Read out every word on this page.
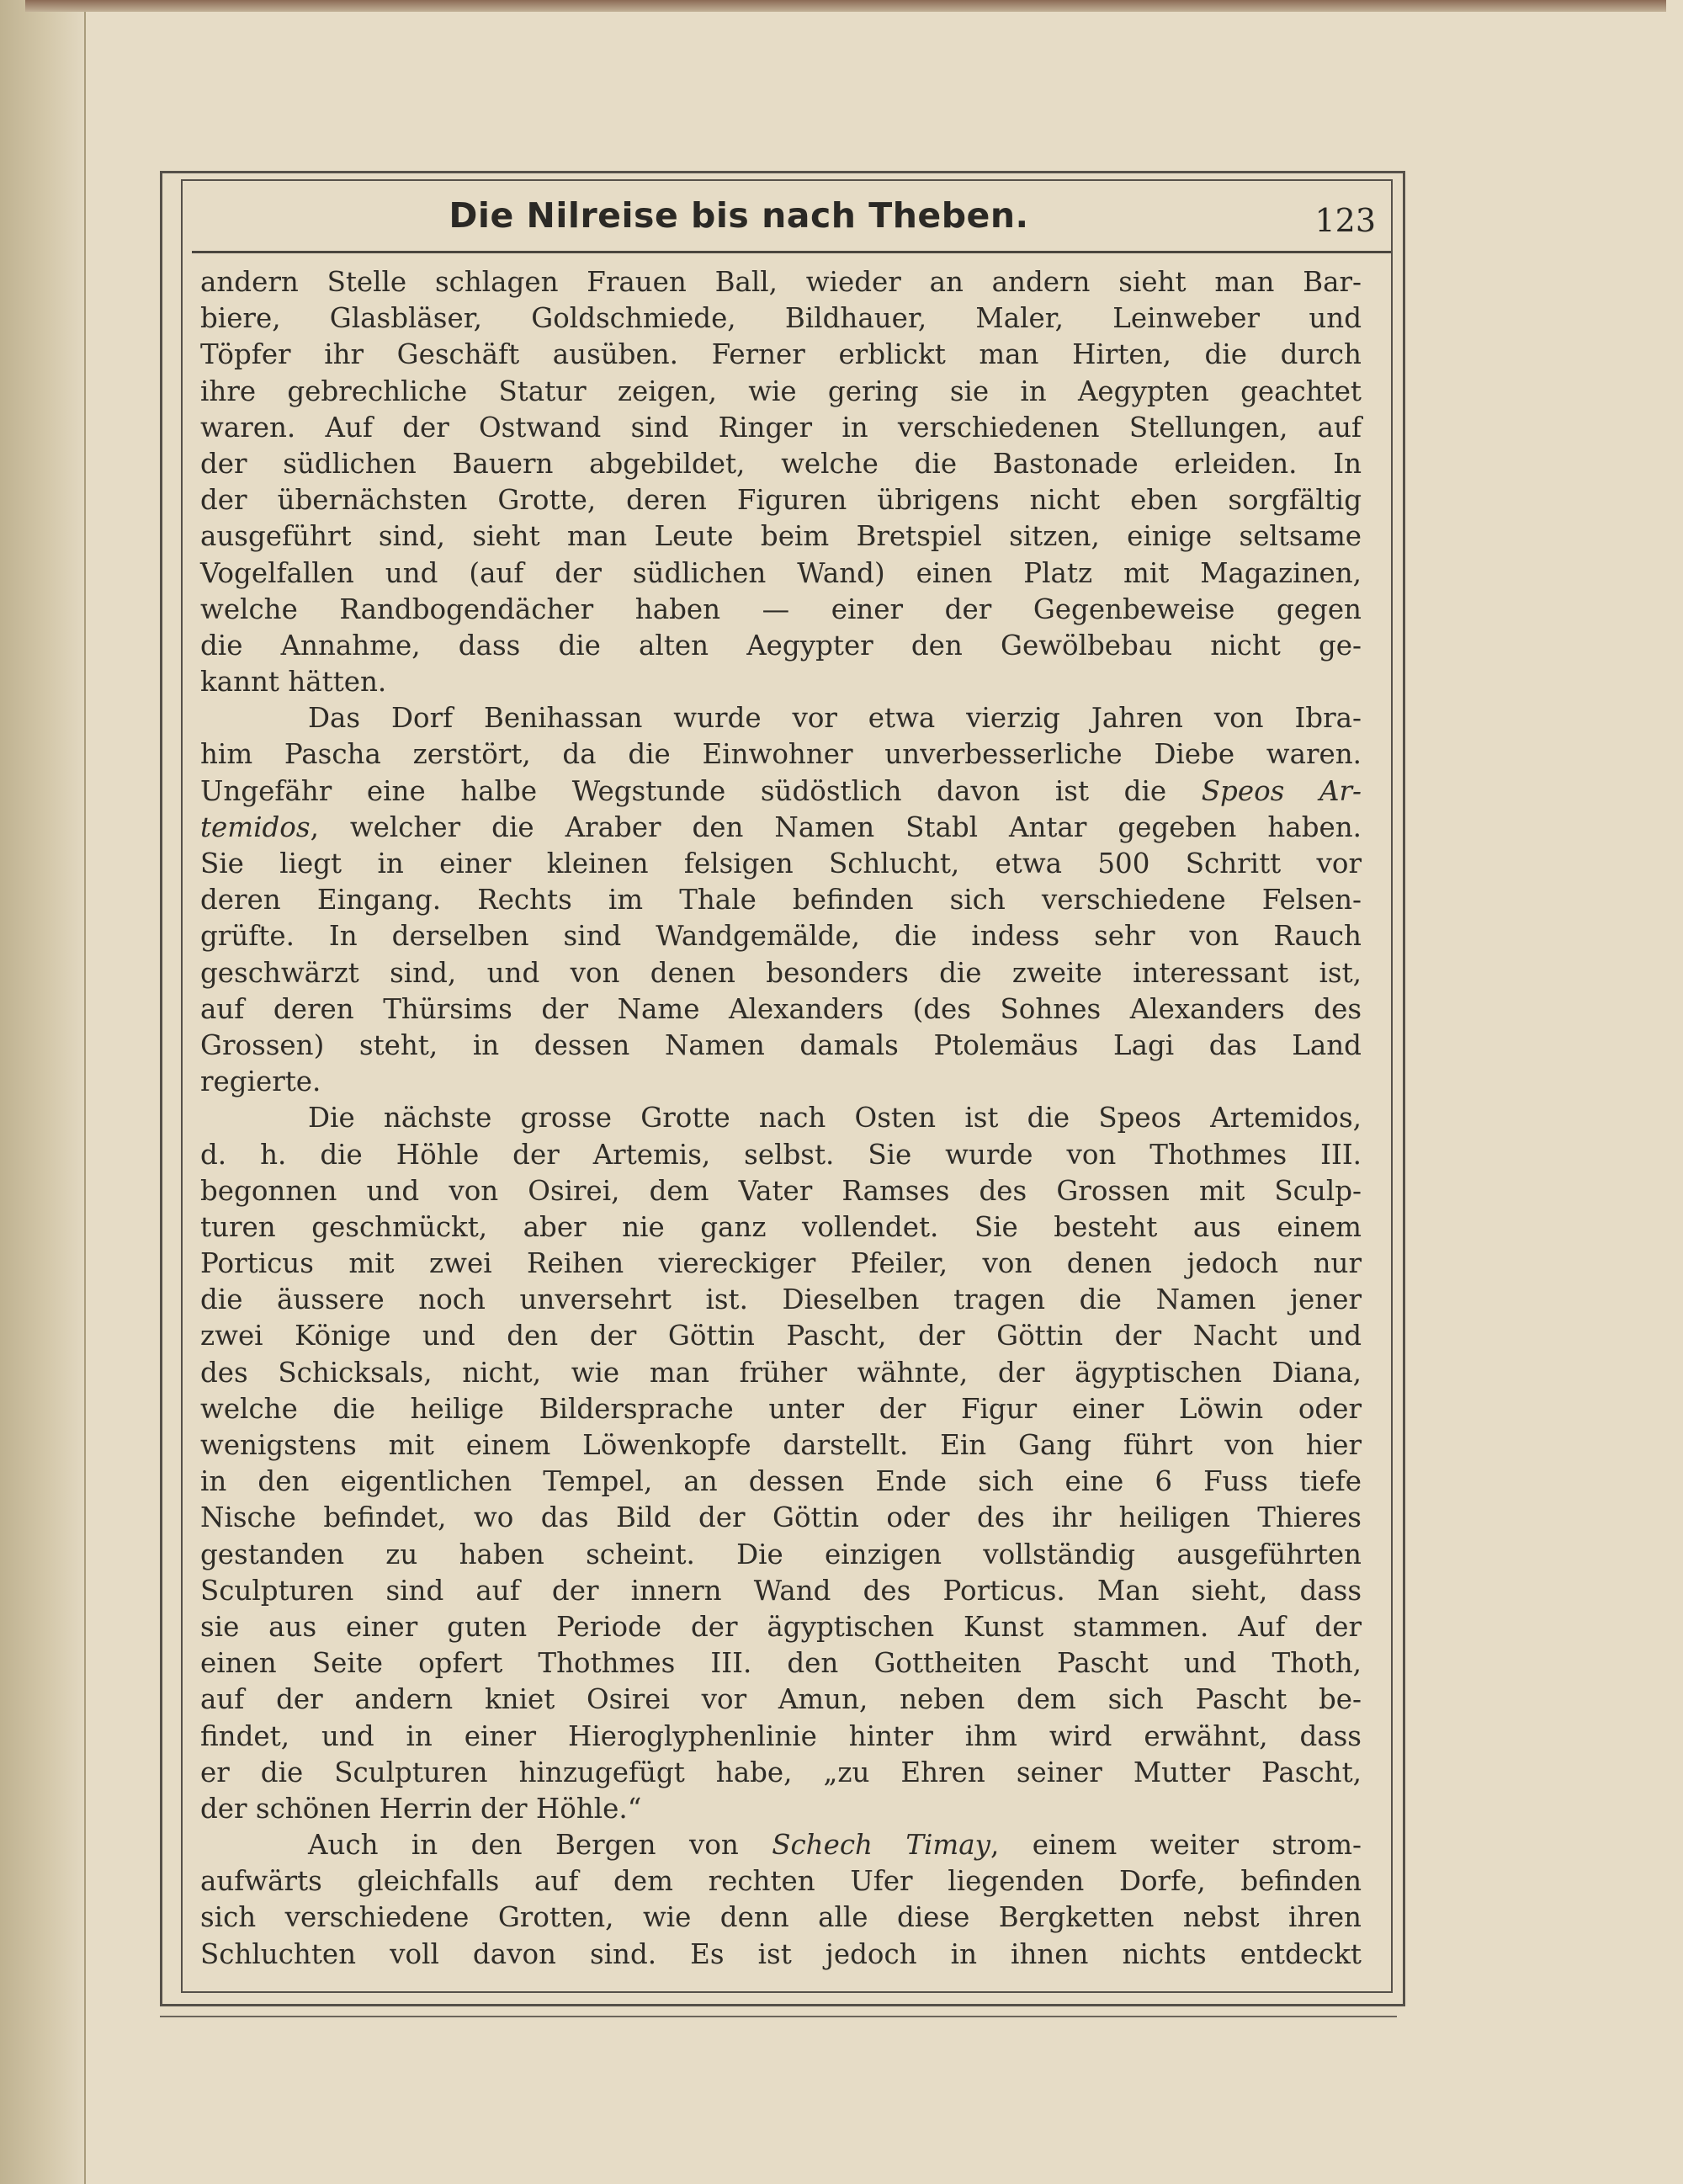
Die Nilreise bis nach Theben.	123
andern Stelle schlagen Frauen Ball, wieder an andern sieht man Bar-
biere, Glasbläser, Goldschmiede, Bildhauer, Maler, Leinweber und
Töpfer ihr Geschäft ausüben. Ferner erblickt man Hirten, die durch
ihre gebrechliche Statur zeigen, wie gering sie in Aegypten geachtet
waren. Auf der Ostwand sind Ringer in verschiedenen Stellungen, auf
der südlichen Bauern abgebildet, welche die Bastonade erleiden. In
der übernächsten Grotte, deren Figuren übrigens nicht eben sorgfältig
ausgeführt sind, sieht man Leute beim Bretspiel sitzen, einige seltsame
Vogelfallen und (auf der südlichen Wand) einen Platz mit Magazinen,
welche Randbogendächer haben — einer der Gegenbeweise gegen
die Annahme, dass die alten Aegypter den Gewölbebau nicht ge-
kannt hätten.
Das Dorf Benihassan wurde vor etwa vierzig Jahren von Ibra-
him Pascha zerstört, da die Einwohner unverbesserliche Diebe waren.
Ungefähr eine halbe Wegstunde südöstlich davon ist die Speos Ar-
temidos, welcher die Araber den Namen Stabl Antar gegeben haben.
Sie liegt in einer kleinen felsigen Schlucht, etwa 500 Schritt vor
deren Eingang. Rechts im Thale befinden sich verschiedene Felsen-
grüfte. In derselben sind Wandgemälde, die indess sehr von Rauch
geschwärzt sind, und von denen besonders die zweite interessant ist,
auf deren Thürsims der Name Alexanders (des Sohnes Alexanders des
Grossen) steht, in dessen Namen damals Ptolemäus Lagi das Land
regierte.
Die nächste grosse Grotte nach Osten ist die Speos Artemidos,
d. h. die Höhle der Artemis, selbst. Sie wurde von Thothmes III.
begonnen und von Osirei, dem Vater Ramses des Grossen mit Sculp-
turen geschmückt, aber nie ganz vollendet. Sie besteht aus einem
Porticus mit zwei Reihen viereckiger Pfeiler, von denen jedoch nur
die äussere noch unversehrt ist. Dieselben tragen die Namen jener
zwei Könige und den der Göttin Pascht, der Göttin der Nacht und
des Schicksals, nicht, wie man früher wähnte, der ägyptischen Diana,
welche die heilige Bildersprache unter der Figur einer Löwin oder
wenigstens mit einem Löwenkopfe darstellt. Ein Gang führt von hier
in den eigentlichen Tempel, an dessen Ende sich eine 6 Fuss tiefe
Nische befindet, wo das Bild der Göttin oder des ihr heiligen Thieres
gestanden zu haben scheint. Die einzigen vollständig ausgeführten
Sculpturen sind auf der innern Wand des Porticus. Man sieht, dass
sie aus einer guten Periode der ägyptischen Kunst stammen. Auf der
einen Seite opfert Thothmes III. den Gottheiten Pascht und Thoth,
auf der andern kniet Osirei vor Amun, neben dem sich Pascht be-
findet, und in einer Hieroglyphenlinie hinter ihm wird erwähnt, dass
er die Sculpturen hinzugefügt habe, „zu Ehren seiner Mutter Pascht,
der schönen Herrin der Höhle.“
Auch in den Bergen von Schech Timay, einem weiter strom-
aufwärts gleichfalls auf dem rechten Ufer liegenden Dorfe, befinden
sich verschiedene Grotten, wie denn alle diese Bergketten nebst ihren
Schluchten voll davon sind. Es ist jedoch in ihnen nichts entdeckt
